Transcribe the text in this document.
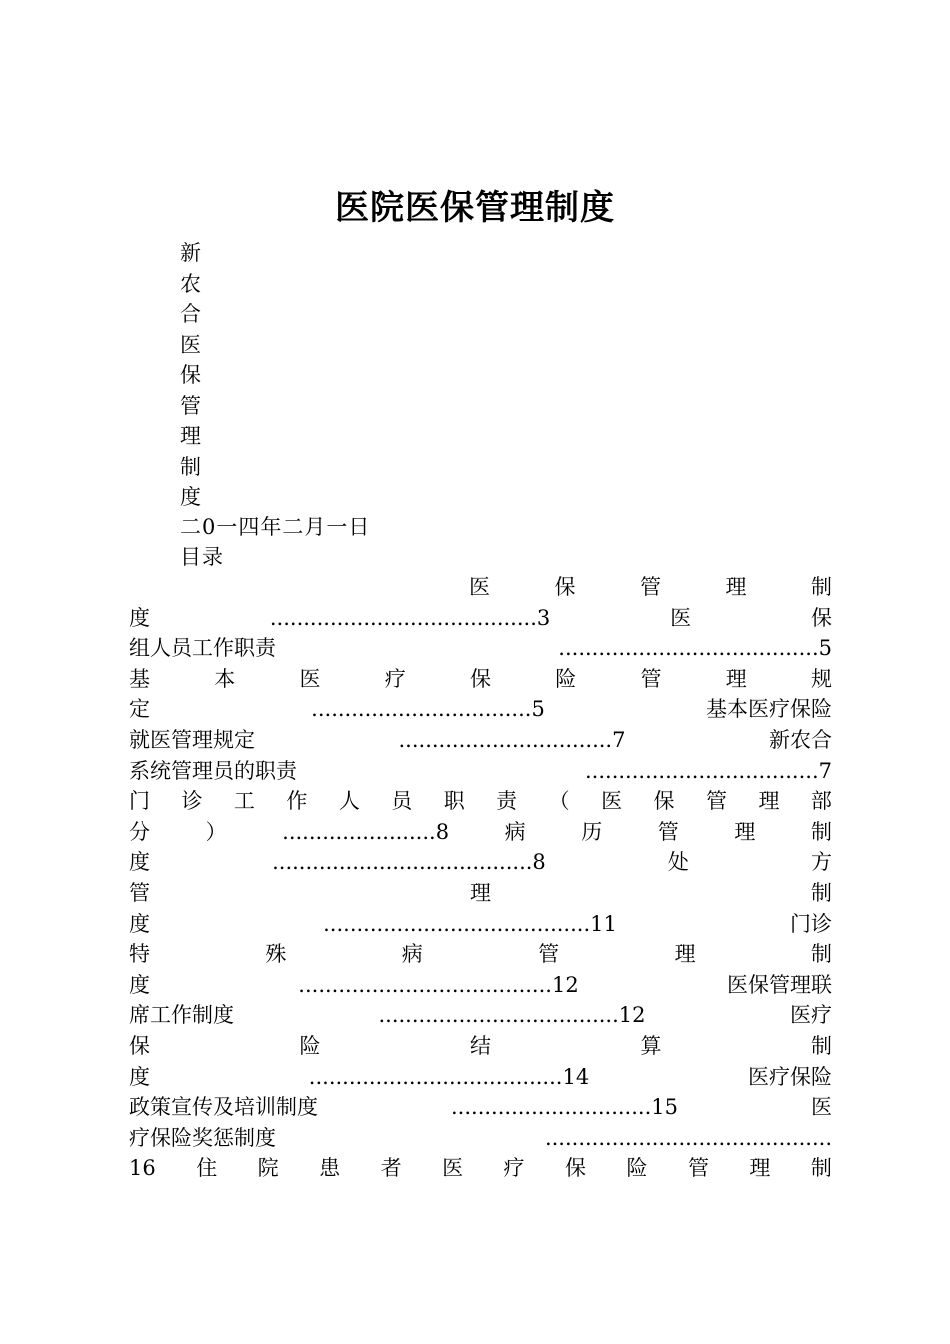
医院医保管理制度
新
农
合
医
保
管
理
制
度
二0一四年二月一日
目录
医	保	管	理	制
度	........................................3	医	保
组人员工作职责	.......................................5
基	本	医	疗	保	险	管	理	规
定	.................................5	基本医疗保险
就医管理规定	................................7	新农合
系统管理员的职责	...................................7
门 诊 工 作 人 员 职 责 （ 医 保 管 理 部
分	）	.......................8	病	历	管	理	制
度	.......................................8	处	方
管	理	制
度	........................................11	门诊
特	殊	病	管	理	制
度	......................................12	医保管理联
席工作制度	....................................12	医疗
保	险	结	算	制
度	......................................14	医疗保险
政策宣传及培训制度	..............................15	医
疗保险奖惩制度	...........................................
16 住 院 患 者 医 疗 保 险 管 理 制
